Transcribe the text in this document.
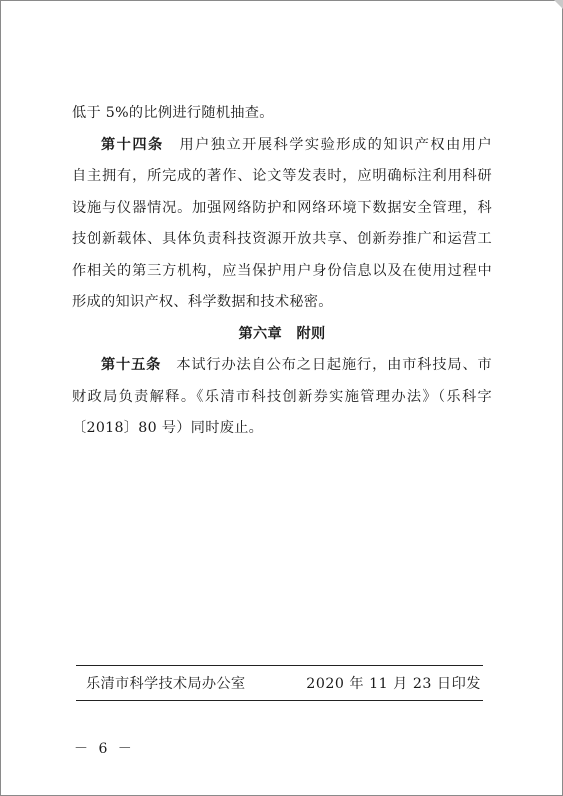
低于 5%的比例进行随机抽查。
第十四条　 用户独立开展科学实验形成的知识产权由用户
自主拥有，所完成的著作、论文等发表时，应明确标注利用科研
设施与仪器情况。加强网络防护和网络环境下数据安全管理，科
技创新载体、具体负责科技资源开放共享、创新券推广和运营工
作相关的第三方机构，应当保护用户身份信息以及在使用过程中
形成的知识产权、科学数据和技术秘密。
第六章　附则
第十五条　 本试行办法自公布之日起施行，由市科技局、市
财政局负责解释。《乐清市科技创新券实施管理办法》（乐科字
〔2018〕80 号）同时废止。
乐清市科学技术局办公室	2020 年 11 月 23 日印发
－ 6 －
